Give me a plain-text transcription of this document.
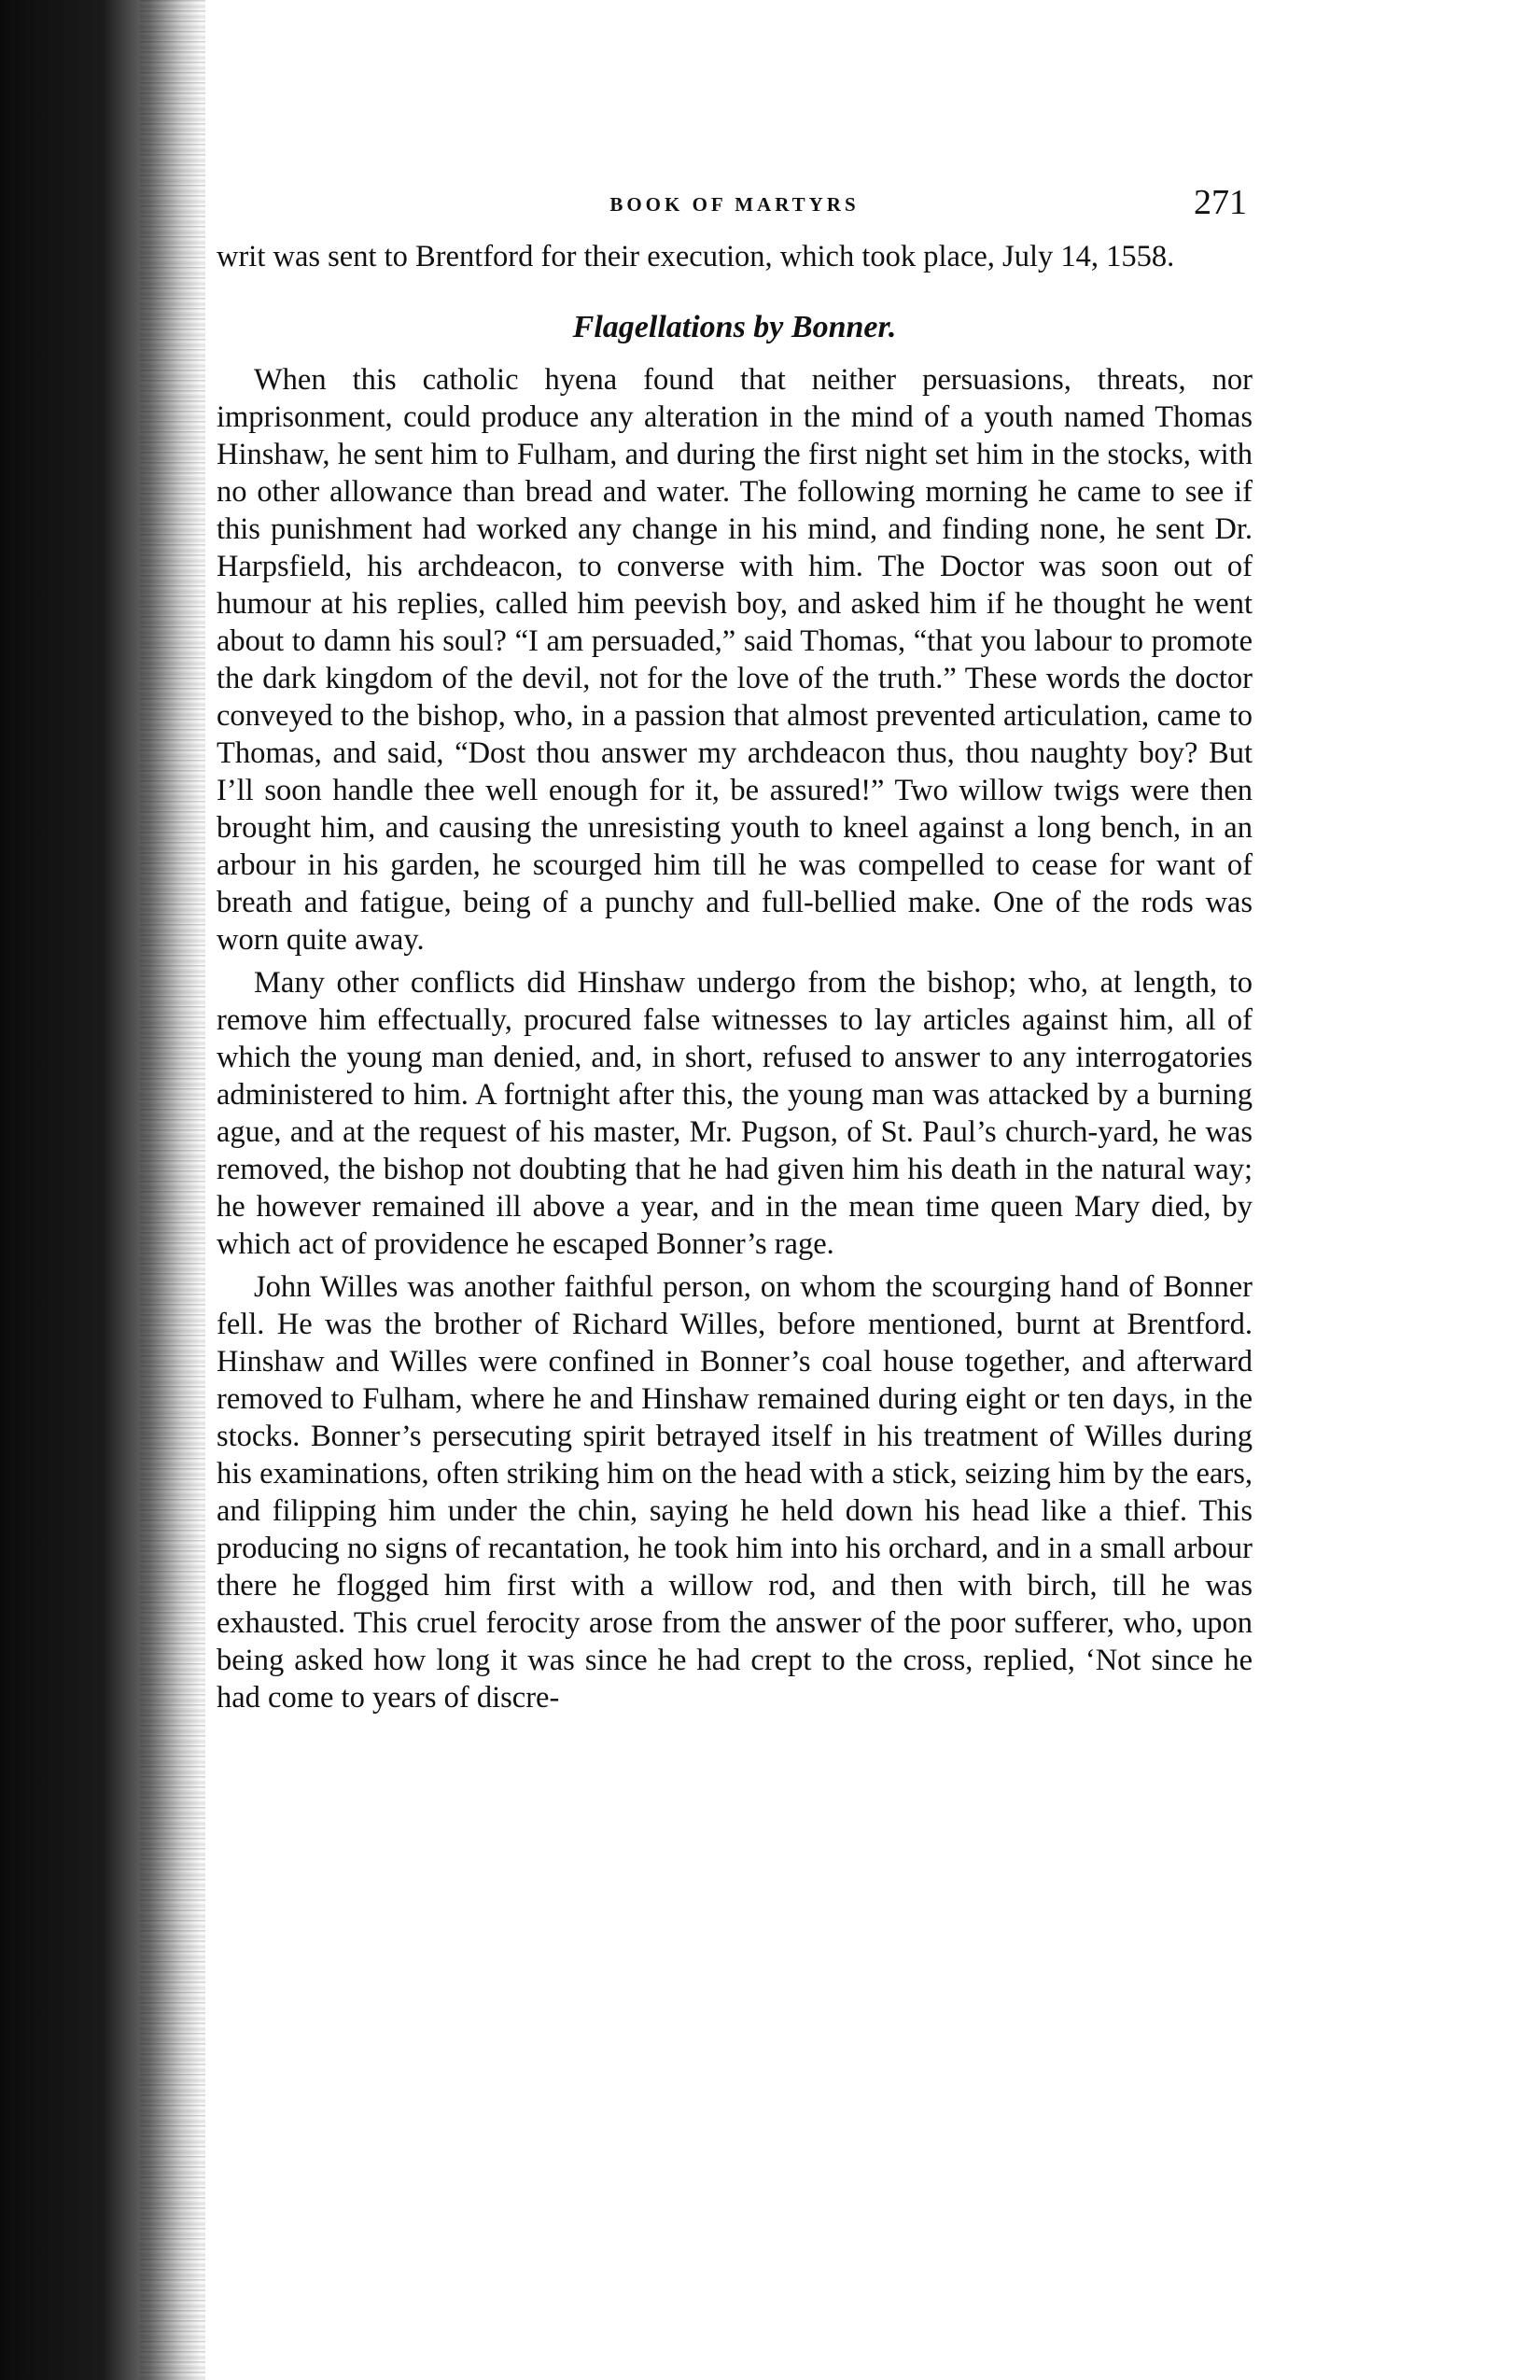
BOOK OF MARTYRS	271

writ was sent to Brentford for their execution, which took place, July 14, 1558.

Flagellations by Bonner.

When this catholic hyena found that neither persuasions, threats, nor imprisonment, could produce any alteration in the mind of a youth named Thomas Hinshaw, he sent him to Fulham, and during the first night set him in the stocks, with no other allowance than bread and water. The following morning he came to see if this punishment had worked any change in his mind, and finding none, he sent Dr. Harpsfield, his archdeacon, to converse with him. The Doctor was soon out of humour at his replies, called him peevish boy, and asked him if he thought he went about to damn his soul? “I am persuaded,” said Thomas, “that you labour to promote the dark kingdom of the devil, not for the love of the truth.” These words the doctor conveyed to the bishop, who, in a passion that almost prevented articulation, came to Thomas, and said, “Dost thou answer my archdeacon thus, thou naughty boy? But I’ll soon handle thee well enough for it, be assured!” Two willow twigs were then brought him, and causing the unresisting youth to kneel against a long bench, in an arbour in his garden, he scourged him till he was compelled to cease for want of breath and fatigue, being of a punchy and full-bellied make. One of the rods was worn quite away.

Many other conflicts did Hinshaw undergo from the bishop; who, at length, to remove him effectually, procured false witnesses to lay articles against him, all of which the young man denied, and, in short, refused to answer to any interrogatories administered to him. A fortnight after this, the young man was attacked by a burning ague, and at the request of his master, Mr. Pugson, of St. Paul’s church-yard, he was removed, the bishop not doubting that he had given him his death in the natural way; he however remained ill above a year, and in the mean time queen Mary died, by which act of providence he escaped Bonner’s rage.

John Willes was another faithful person, on whom the scourging hand of Bonner fell. He was the brother of Richard Willes, before mentioned, burnt at Brentford. Hinshaw and Willes were confined in Bonner’s coal house together, and afterward removed to Fulham, where he and Hinshaw remained during eight or ten days, in the stocks. Bonner’s persecuting spirit betrayed itself in his treatment of Willes during his examinations, often striking him on the head with a stick, seizing him by the ears, and filipping him under the chin, saying he held down his head like a thief. This producing no signs of recantation, he took him into his orchard, and in a small arbour there he flogged him first with a willow rod, and then with birch, till he was exhausted. This cruel ferocity arose from the answer of the poor sufferer, who, upon being asked how long it was since he had crept to the cross, replied, ‘Not since he had come to years of discre-
